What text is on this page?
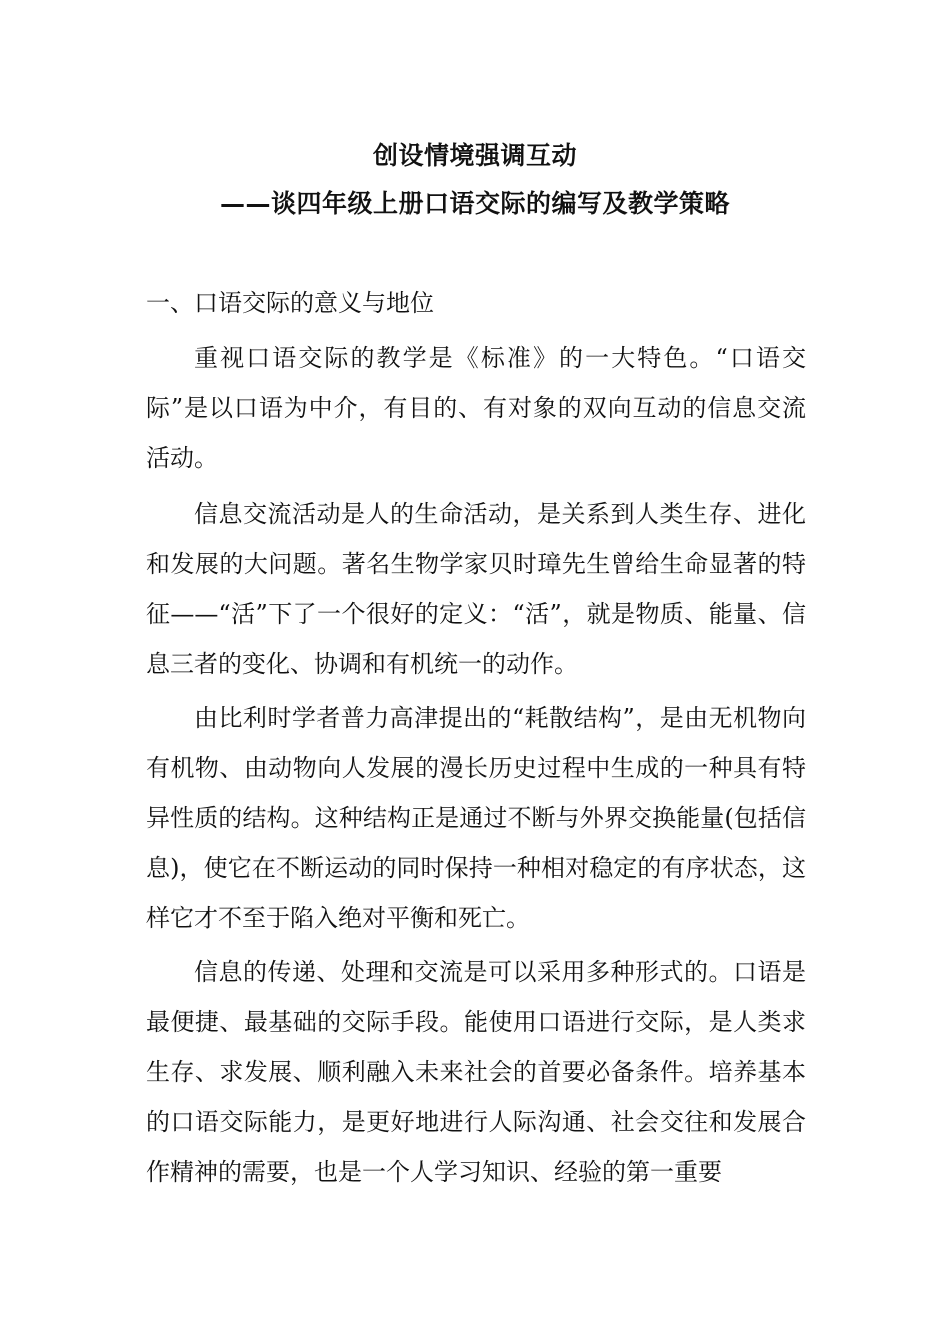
创设情境强调互动
——谈四年级上册口语交际的编写及教学策略
一、口语交际的意义与地位

重视口语交际的教学是《标准》的一大特色。“口语交际”是以口语为中介，有目的、有对象的双向互动的信息交流活动。

信息交流活动是人的生命活动，是关系到人类生存、进化和发展的大问题。著名生物学家贝时璋先生曾给生命显著的特征——“活”下了一个很好的定义：“活”，就是物质、能量、信息三者的变化、协调和有机统一的动作。

由比利时学者普力高津提出的“耗散结构”，是由无机物向有机物、由动物向人发展的漫长历史过程中生成的一种具有特异性质的结构。这种结构正是通过不断与外界交换能量(包括信息)，使它在不断运动的同时保持一种相对稳定的有序状态，这样它才不至于陷入绝对平衡和死亡。

信息的传递、处理和交流是可以采用多种形式的。口语是最便捷、最基础的交际手段。能使用口语进行交际，是人类求生存、求发展、顺利融入未来社会的首要必备条件。培养基本的口语交际能力，是更好地进行人际沟通、社会交往和发展合作精神的需要，也是一个人学习知识、经验的第一重要
